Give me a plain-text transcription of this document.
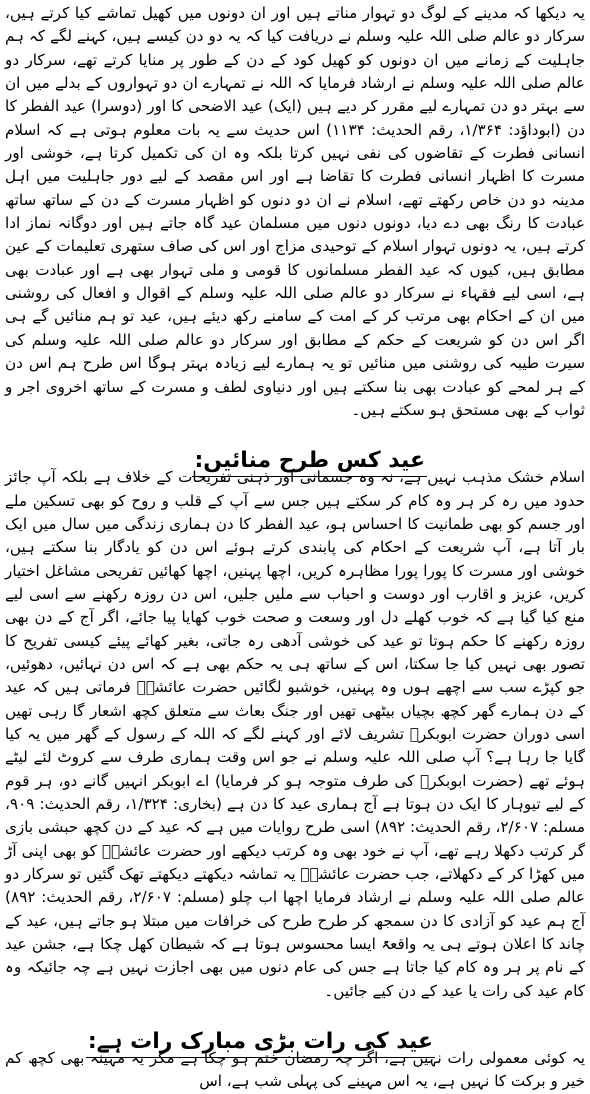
یہ دیکھا کہ مدینے کے لوگ دو تہوار مناتے ہیں اور ان دونوں میں کھیل تماشے کیا کرتے ہیں، سرکار دو عالم صلی اللہ علیہ وسلم نے دریافت کیا کہ یہ دو دن کیسے ہیں، کہنے لگے کہ ہم جاہلیت کے زمانے میں ان دونوں کو کھیل کود کے دن کے طور پر منایا کرتے تھے، سرکار دو عالم صلی اللہ علیہ وسلم نے ارشاد فرمایا کہ اللہ نے تمہارے ان دو تہواروں کے بدلے میں ان سے بہتر دو دن تمہارے لیے مقرر کر دیے ہیں (ایک) عید الاضحی کا اور (دوسرا) عید الفطر کا دن (ابوداؤد: ۱/۳۶۴، رقم الحدیث: ۱۱۳۴) اس حدیث سے یہ بات معلوم ہوتی ہے کہ اسلام انسانی فطرت کے تقاضوں کی نفی نہیں کرتا بلکہ وہ ان کی تکمیل کرتا ہے، خوشی اور مسرت کا اظہار انسانی فطرت کا تقاضا ہے اور اس مقصد کے لیے دور جاہلیت میں اہل مدینہ دو دن خاص رکھتے تھے، اسلام نے ان دو دنوں کو اظہار مسرت کے دن کے ساتھ ساتھ عبادت کا رنگ بھی دے دیا، دونوں دنوں میں مسلمان عید گاہ جاتے ہیں اور دوگانہ نماز ادا کرتے ہیں، یہ دونوں تہوار اسلام کے توحیدی مزاج اور اس کی صاف ستھری تعلیمات کے عین مطابق ہیں، کیوں کہ عید الفطر مسلمانوں کا قومی و ملی تہوار بھی ہے اور عبادت بھی ہے، اسی لیے فقہاء نے سرکار دو عالم صلی اللہ علیہ وسلم کے اقوال و افعال کی روشنی میں ان کے احکام بھی مرتب کر کے امت کے سامنے رکھ دیئے ہیں، عید تو ہم منائیں گے ہی اگر اس دن کو شریعت کے حکم کے مطابق اور سرکار دو عالم صلی اللہ علیہ وسلم کی سیرت طیبہ کی روشنی میں منائیں تو یہ ہمارے لیے زیادہ بہتر ہوگا اس طرح ہم اس دن کے ہر لمحے کو عبادت بھی بنا سکتے ہیں اور دنیاوی لطف و مسرت کے ساتھ اخروی اجر و ثواب کے بھی مستحق ہو سکتے ہیں۔

عید کس طرح منائیں:

اسلام خشک مذہب نہیں ہے، نہ وہ جسمانی اور ذہنی تفریحات کے خلاف ہے بلکہ آپ جائز حدود میں رہ کر ہر وہ کام کر سکتے ہیں جس سے آپ کے قلب و روح کو بھی تسکین ملے اور جسم کو بھی طمانیت کا احساس ہو، عید الفطر کا دن ہماری زندگی میں سال میں ایک بار آتا ہے، آپ شریعت کے احکام کی پابندی کرتے ہوئے اس دن کو یادگار بنا سکتے ہیں، خوشی اور مسرت کا پورا پورا مظاہرہ کریں، اچھا پہنیں، اچھا کھائیں تفریحی مشاغل اختیار کریں، عزیز و اقارب اور دوست و احباب سے ملیں جلیں، اس دن روزہ رکھنے سے اسی لیے منع کیا گیا ہے کہ خوب کھلے دل اور وسعت و صحت خوب کھایا پیا جائے، اگر آج کے دن بھی روزہ رکھنے کا حکم ہوتا تو عید کی خوشی آدھی رہ جاتی، بغیر کھائے پیئے کیسی تفریح کا تصور بھی نہیں کیا جا سکتا، اس کے ساتھ ہی یہ حکم بھی ہے کہ اس دن نہائیں، دھوئیں، جو کپڑے سب سے اچھے ہوں وہ پہنیں، خوشبو لگائیں حضرت عائشہؓ فرماتی ہیں کہ عید کے دن ہمارے گھر کچھ بچیاں بیٹھی تھیں اور جنگ بعاث سے متعلق کچھ اشعار گا رہی تھیں اسی دوران حضرت ابوبکرؓ تشریف لائے اور کہنے لگے کہ اللہ کے رسول کے گھر میں یہ کیا گایا جا رہا ہے؟ آپ صلی اللہ علیہ وسلم نے جو اس وقت ہماری طرف سے کروٹ لئے لیٹے ہوئے تھے (حضرت ابوبکرؓ کی طرف متوجہ ہو کر فرمایا) اے ابوبکر انہیں گانے دو، ہر قوم کے لیے تیوہار کا ایک دن ہوتا ہے آج ہماری عید کا دن ہے (بخاری: ۱/۳۲۴، رقم الحدیث: ۹۰۹، مسلم: ۲/۶۰۷، رقم الحدیث: ۸۹۲) اسی طرح روایات میں ہے کہ عید کے دن کچھ حبشی بازی گر کرتب دکھلا رہے تھے، آپ نے خود بھی وہ کرتب دیکھے اور حضرت عائشہؓ کو بھی اپنی آڑ میں کھڑا کر کے دکھلاتے، جب حضرت عائشہؓ یہ تماشہ دیکھتے دیکھتے تھک گئیں تو سرکار دو عالم صلی اللہ علیہ وسلم نے ارشاد فرمایا اچھا اب چلو (مسلم: ۲/۶۰۷، رقم الحدیث: ۸۹۲) آج ہم عید کو آزادی کا دن سمجھ کر طرح طرح کی خرافات میں مبتلا ہو جاتے ہیں، عید کے چاند کا اعلان ہوتے ہی یہ واقعۃً ایسا محسوس ہوتا ہے کہ شیطان کھل چکا ہے، جشن عید کے نام پر ہر وہ کام کیا جاتا ہے جس کی عام دنوں میں بھی اجازت نہیں ہے چہ جائیکہ وہ کام عید کی رات یا عید کے دن کیے جائیں۔

عید کی رات بڑی مبارک رات ہے:

یہ کوئی معمولی رات نہیں ہے، اگر چہ رمضان ختم ہو چکا ہے مگر یہ مہینہ بھی کچھ کم خیر و برکت کا نہیں ہے، یہ اس مہینے کی پہلی شب ہے، اس
